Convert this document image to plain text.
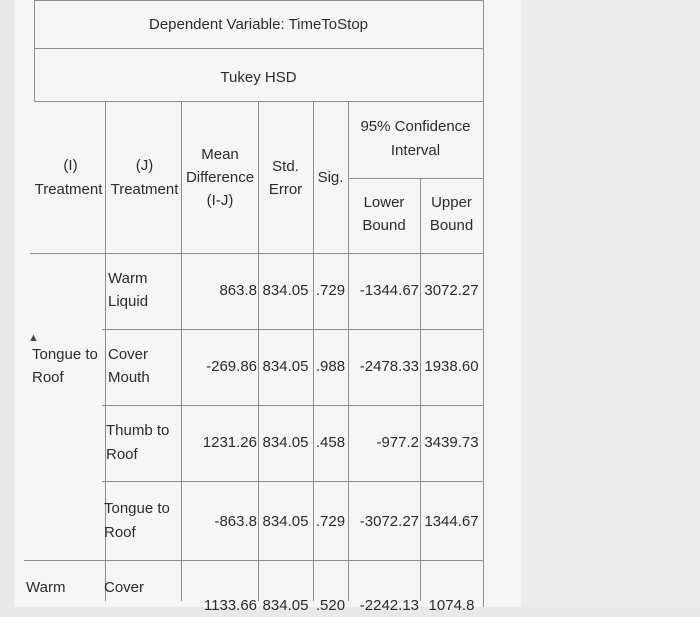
Dependent Variable: TimeToStop
Tukey HSD
(I)
Treatment
(J)
Treatment
Mean
Difference
(I-J)
Std.
Error
Sig.
95% Confidence
Interval
Lower
Bound
Upper
Bound
▲
Tongue to
Roof
Warm
Warm
Liquid
863.8 834.05 .729 -1344.67 3072.27
Cover
Mouth
-269.86 834.05 .988 -2478.33 1938.60
Thumb to
Roof
1231.26 834.05 .458	-977.2 3439.73
Tongue to
Roof
-863.8 834.05 .729 -3072.27 1344.67
Cover
1133.66 834.05 .520 -2242.13 1074.8
